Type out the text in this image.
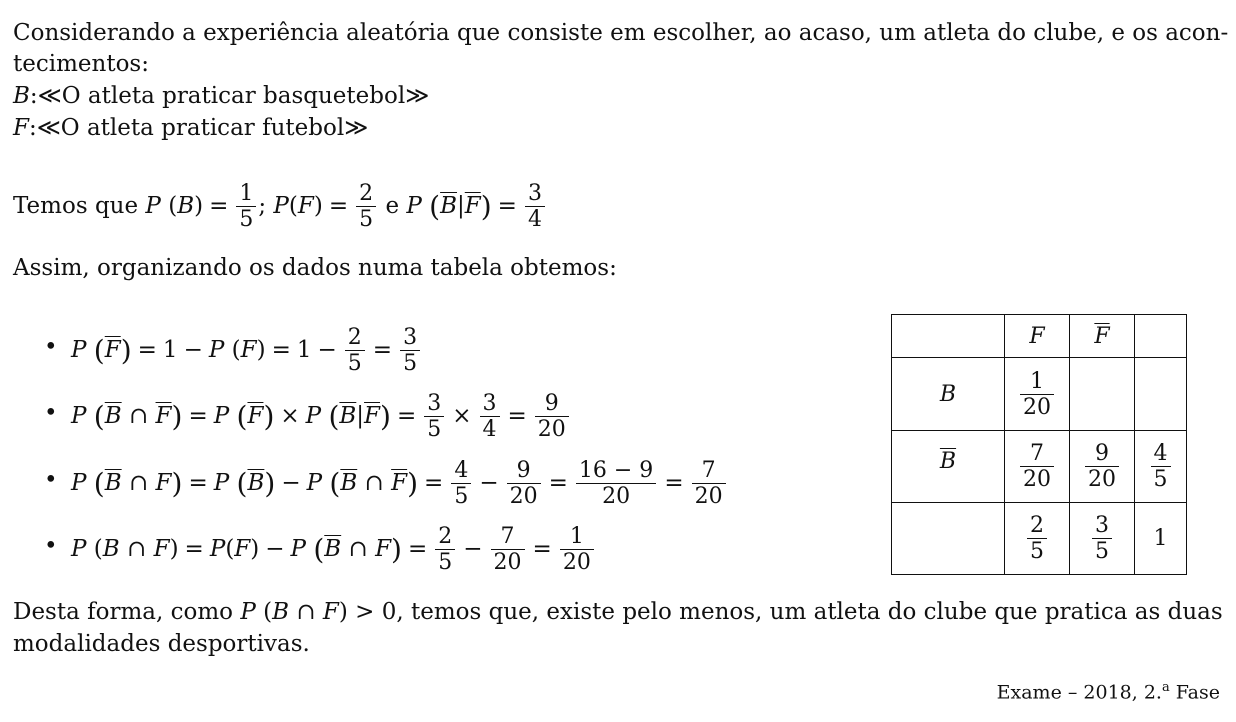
Considerando a experiência aleatória que consiste em escolher, ao acaso, um atleta do clube, e os acon-
tecimentos:
B:≪O atleta praticar basquetebol≫
F:≪O atleta praticar futebol≫
Temos que
P ( B ) = $\frac{1}{5}$ ; P ( F ) = $\frac{2}{5}$
e
P
( $\overline{B}$ | $\overline{F}$ ) = $\frac{3}{4}$
Assim, organizando os dados numa tabela obtemos:
• P
( $\overline{F}$ ) = 1 − P ( F ) = $1 - \frac{2}{5} = \frac{3}{5}$
• P
( $\overline{B}$ ∩ $\overline{F}$ ) = P
( $\overline{F}$ ) × P
( $\overline{B}$ | $\overline{F}$ ) = $\frac{3}{5} \times \frac{3}{4} = \frac{9}{20}$
• P
( $\overline{B}$ ∩ F ) = P
( $\overline{B}$ ) − P
( $\overline{B}$ ∩ $\overline{F}$ ) = $\frac{4}{5} - \frac{9}{20} = \frac{16 - 9}{20} = \frac{7}{20}$
• P ( B ∩ F ) = P ( F ) − P
( $\overline{B}$ ∩ F ) = $\frac{2}{5} - \frac{7}{20} = \frac{1}{20}$
	F	$\overline{F}$	
B	$\frac{1}{20}$

$\overline{B}$	$\frac{7}{20}$	$\frac{9}{20}$	$\frac{4}{5}$

	$\frac{2}{5}$	$\frac{3}{5}$	1
Desta forma, como P (B ∩ F) > 0, temos que, existe pelo menos, um atleta do clube que pratica as duas
modalidades desportivas.
Exame – 2018, 2.$^a$ Fase
